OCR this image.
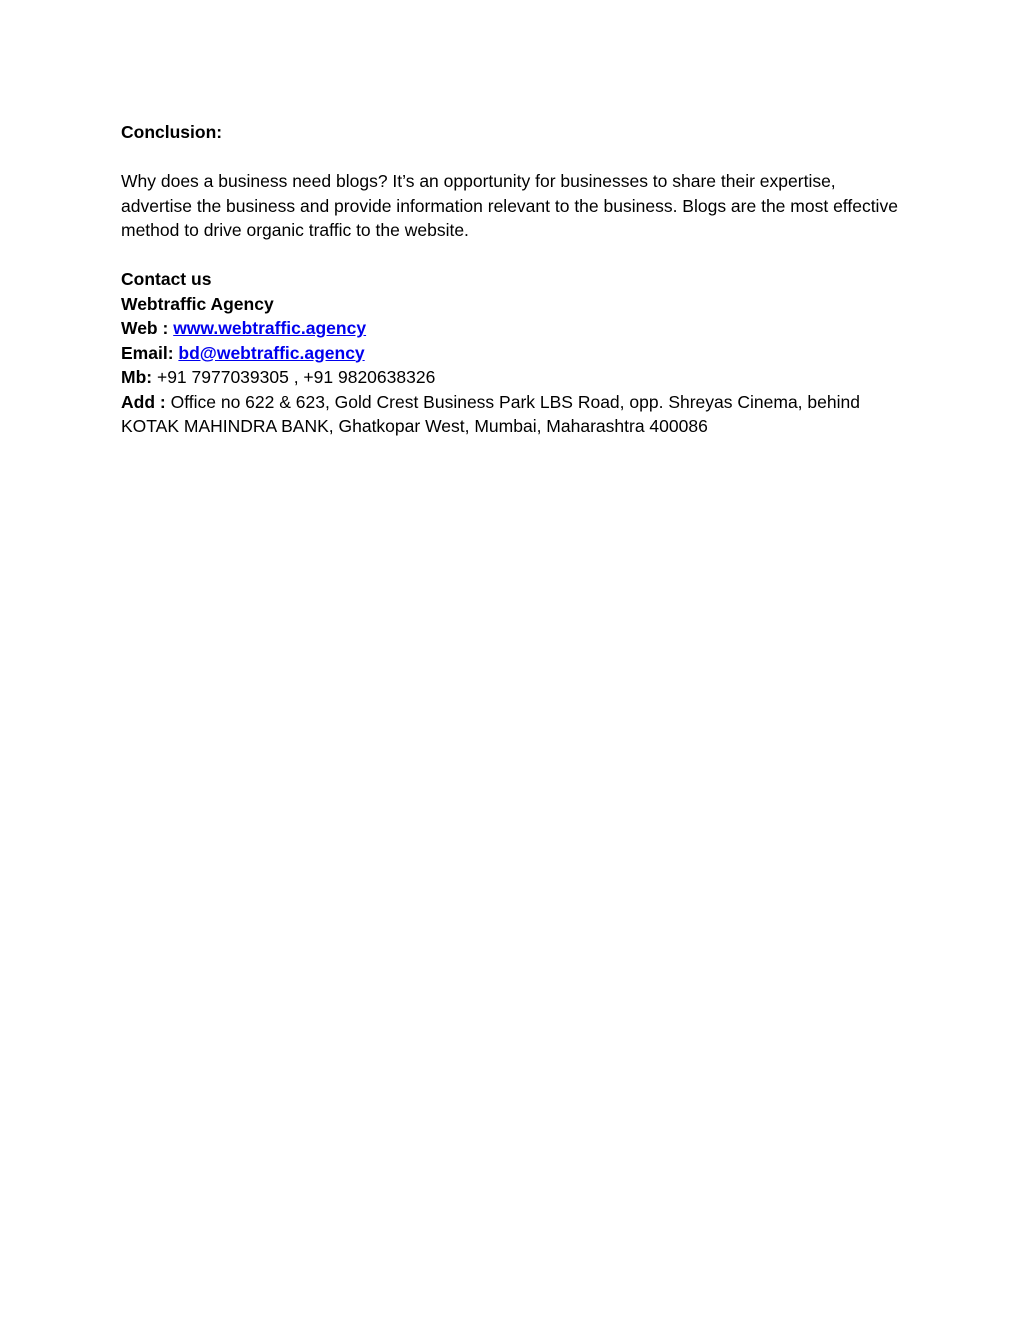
Conclusion:

Why does a business need blogs? It’s an opportunity for businesses to share their expertise, advertise the business and provide information relevant to the business. Blogs are the most effective method to drive organic traffic to the website.

Contact us

Webtraffic Agency

Web : www.webtraffic.agency

Email: bd@webtraffic.agency

Mb: +91 7977039305 , +91 9820638326

Add : Office no 622 & 623, Gold Crest Business Park LBS Road, opp. Shreyas Cinema, behind KOTAK MAHINDRA BANK, Ghatkopar West, Mumbai, Maharashtra 400086
